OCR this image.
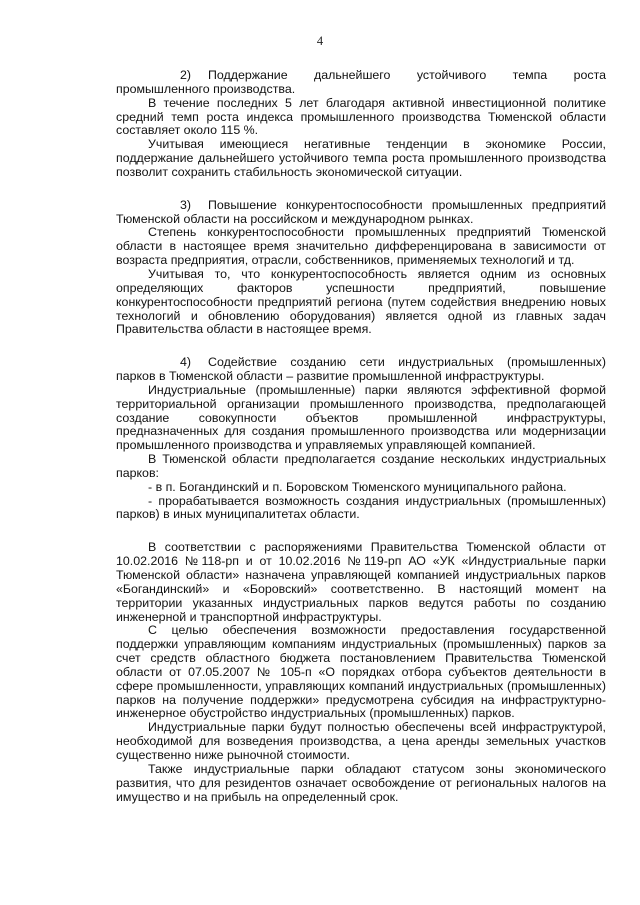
4

2) Поддержание дальнейшего устойчивого темпа роста промышленного производства.

В течение последних 5 лет благодаря активной инвестиционной политике средний темп роста индекса промышленного производства Тюменской области составляет около 115 %.

Учитывая имеющиеся негативные тенденции в экономике России, поддержание дальнейшего устойчивого темпа роста промышленного производства позволит сохранить стабильность экономической ситуации.

3) Повышение конкурентоспособности промышленных предприятий Тюменской области на российском и международном рынках.

Степень конкурентоспособности промышленных предприятий Тюменской области в настоящее время значительно дифференцирована в зависимости от возраста предприятия, отрасли, собственников, применяемых технологий и тд.

Учитывая то, что конкурентоспособность является одним из основных определяющих факторов успешности предприятий, повышение конкурентоспособности предприятий региона (путем содействия внедрению новых технологий и обновлению оборудования) является одной из главных задач Правительства области в настоящее время.

4) Содействие созданию сети индустриальных (промышленных) парков в Тюменской области – развитие промышленной инфраструктуры.

Индустриальные (промышленные) парки являются эффективной формой территориальной организации промышленного производства, предполагающей создание совокупности объектов промышленной инфраструктуры, предназначенных для создания промышленного производства или модернизации промышленного производства и управляемых управляющей компанией.

В Тюменской области предполагается создание нескольких индустриальных парков:

- в п. Богандинский и п. Боровском Тюменского муниципального района.

- прорабатывается возможность создания индустриальных (промышленных) парков) в иных муниципалитетах области.

В соответствии с распоряжениями Правительства Тюменской области от 10.02.2016 №118-рп и от 10.02.2016 №119-рп АО «УК «Индустриальные парки Тюменской области» назначена управляющей компанией индустриальных парков «Богандинский» и «Боровский» соответственно. В настоящий момент на территории указанных индустриальных парков ведутся работы по созданию инженерной и транспортной инфраструктуры.

С целью обеспечения возможности предоставления государственной поддержки управляющим компаниям индустриальных (промышленных) парков за счет средств областного бюджета постановлением Правительства Тюменской области от 07.05.2007 № 105-п «О порядках отбора субъектов деятельности в сфере промышленности, управляющих компаний индустриальных (промышленных) парков на получение поддержки» предусмотрена субсидия на инфраструктурно-инженерное обустройство индустриальных (промышленных) парков.

Индустриальные парки будут полностью обеспечены всей инфраструктурой, необходимой для возведения производства, а цена аренды земельных участков существенно ниже рыночной стоимости.

Также индустриальные парки обладают статусом зоны экономического развития, что для резидентов означает освобождение от региональных налогов на имущество и на прибыль на определенный срок.
